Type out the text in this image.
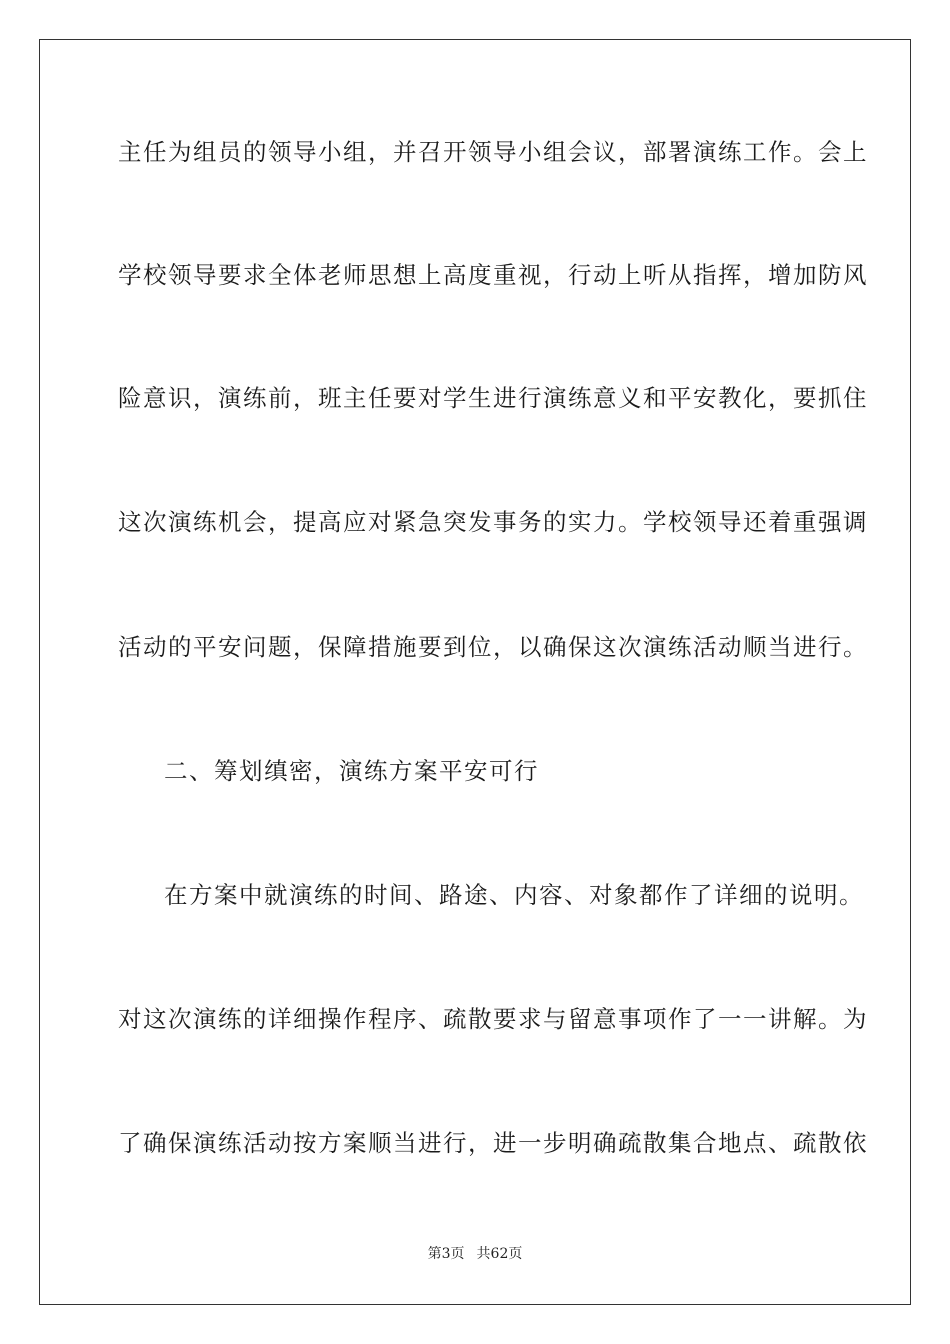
主任为组员的领导小组，并召开领导小组会议，部署演练工作。会上
学校领导要求全体老师思想上高度重视，行动上听从指挥，增加防风
险意识，演练前，班主任要对学生进行演练意义和平安教化，要抓住
这次演练机会，提高应对紧急突发事务的实力。学校领导还着重强调
活动的平安问题，保障措施要到位，以确保这次演练活动顺当进行。
二、筹划缜密，演练方案平安可行
在方案中就演练的时间、路途、内容、对象都作了详细的说明。
对这次演练的详细操作程序、疏散要求与留意事项作了一一讲解。为
了确保演练活动按方案顺当进行，进一步明确疏散集合地点、疏散依
第3页 共62页
